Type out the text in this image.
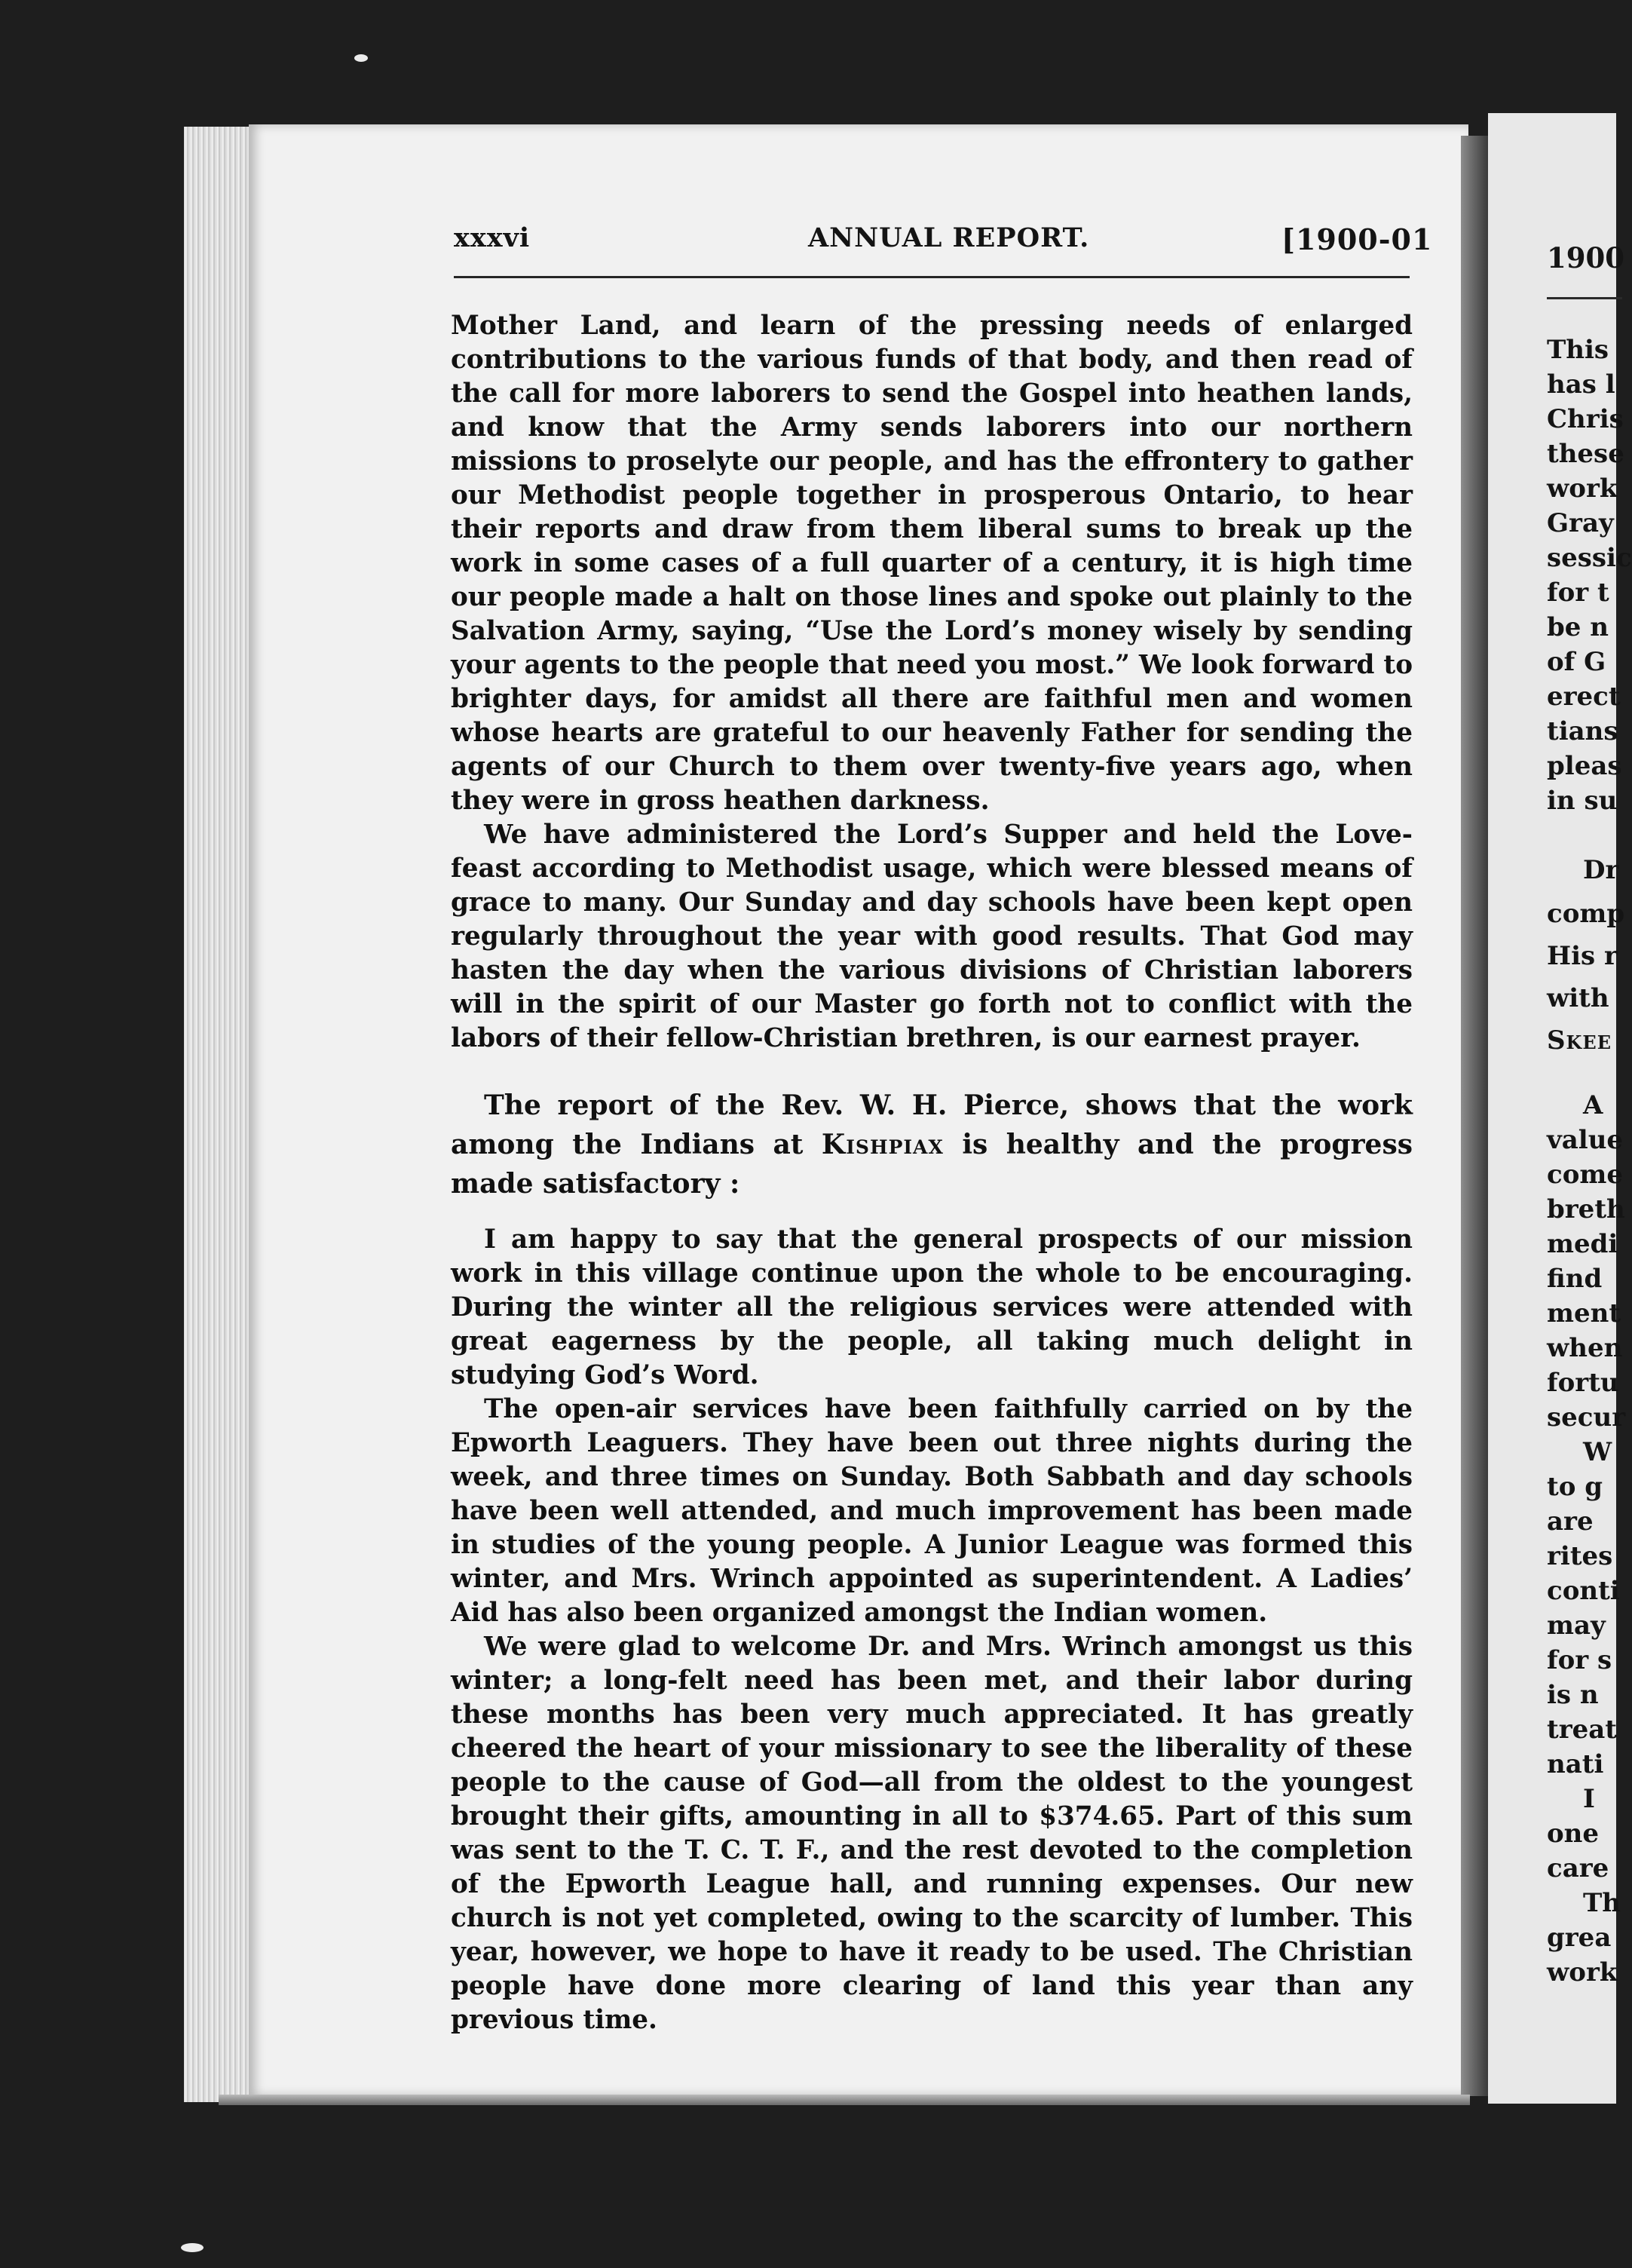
xxxvi	ANNUAL REPORT.	[1900-01

Mother Land, and learn of the pressing needs of enlarged contributions to the various funds of that body, and then read of the call for more laborers to send the Gospel into heathen lands, and know that the Army sends laborers into our northern missions to proselyte our people, and has the effrontery to gather our Methodist people together in prosperous Ontario, to hear their reports and draw from them liberal sums to break up the work in some cases of a full quarter of a century, it is high time our people made a halt on those lines and spoke out plainly to the Salvation Army, saying, “Use the Lord’s money wisely by sending your agents to the people that need you most.” We look forward to brighter days, for amidst all there are faithful men and women whose hearts are grateful to our heavenly Father for sending the agents of our Church to them over twenty-five years ago, when they were in gross heathen darkness.

We have administered the Lord’s Supper and held the Love-feast according to Methodist usage, which were blessed means of grace to many. Our Sunday and day schools have been kept open regularly throughout the year with good results. That God may hasten the day when the various divisions of Christian laborers will in the spirit of our Master go forth not to conflict with the labors of their fellow-Christian brethren, is our earnest prayer.

The report of the Rev. W. H. Pierce, shows that the work among the Indians at Kishpiax is healthy and the progress made satisfactory :

I am happy to say that the general prospects of our mission work in this village continue upon the whole to be encouraging. During the winter all the religious services were attended with great eagerness by the people, all taking much delight in studying God’s Word.

The open-air services have been faithfully carried on by the Epworth Leaguers. They have been out three nights during the week, and three times on Sunday. Both Sabbath and day schools have been well attended, and much improvement has been made in studies of the young people. A Junior League was formed this winter, and Mrs. Wrinch appointed as superintendent. A Ladies’ Aid has also been organized amongst the Indian women.

We were glad to welcome Dr. and Mrs. Wrinch amongst us this winter; a long-felt need has been met, and their labor during these months has been very much appreciated. It has greatly cheered the heart of your missionary to see the liberality of these people to the cause of God—all from the oldest to the youngest brought their gifts, amounting in all to $374.65. Part of this sum was sent to the T. C. T. F., and the rest devoted to the completion of the Epworth League hall, and running expenses. Our new church is not yet completed, owing to the scarcity of lumber. This year, however, we hope to have it ready to be used. The Christian people have done more clearing of land this year than any previous time.

1900
This
has l
Chris
these
work
Gray
sessic
for t
be n
of G
erect
tians
pleas
in su
Dr
comp
His r
with
Skee
A
value
come
breth
medi
find
ment
when
fortu
secur
W
to g
are
rites
conti
may
for s
is n
treat
nati
I
one
care
Th
grea
work
